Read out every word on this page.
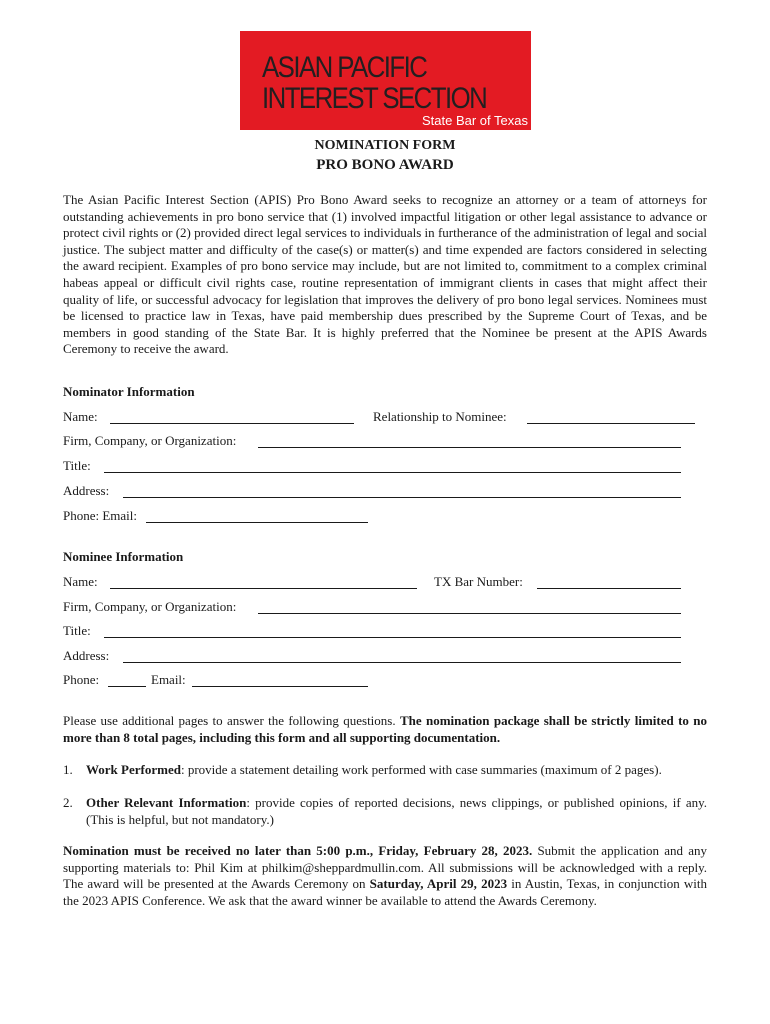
ASIAN PACIFIC
INTEREST SECTION
State Bar of Texas
NOMINATION FORM
PRO BONO AWARD
The Asian Pacific Interest Section (APIS) Pro Bono Award seeks to recognize an attorney or a team of attorneys for outstanding achievements in pro bono service that (1) involved impactful litigation or other legal assistance to advance or protect civil rights or (2) provided direct legal services to individuals in furtherance of the administration of legal and social justice. The subject matter and difficulty of the case(s) or matter(s) and time expended are factors considered in selecting the award recipient. Examples of pro bono service may include, but are not limited to, commitment to a complex criminal habeas appeal or difficult civil rights case, routine representation of immigrant clients in cases that might affect their quality of life, or successful advocacy for legislation that improves the delivery of pro bono legal services. Nominees must be licensed to practice law in Texas, have paid membership dues prescribed by the Supreme Court of Texas, and be members in good standing of the State Bar. It is highly preferred that the Nominee be present at the APIS Awards Ceremony to receive the award.
Nominator Information
Name:	Relationship to Nominee:
Firm, Company, or Organization:
Title:
Address:
Phone: Email:
Nominee Information
Name:	TX Bar Number:
Firm, Company, or Organization:
Title:
Address:
Phone:	Email:
Please use additional pages to answer the following questions. The nomination package shall be strictly limited to no more than 8 total pages, including this form and all supporting documentation.
1. Work Performed: provide a statement detailing work performed with case summaries (maximum of 2 pages).
2. Other Relevant Information: provide copies of reported decisions, news clippings, or published opinions, if any. (This is helpful, but not mandatory.)
Nomination must be received no later than 5:00 p.m., Friday, February 28, 2023. Submit the application and any supporting materials to: Phil Kim at philkim@sheppardmullin.com. All submissions will be acknowledged with a reply. The award will be presented at the Awards Ceremony on Saturday, April 29, 2023 in Austin, Texas, in conjunction with the 2023 APIS Conference. We ask that the award winner be available to attend the Awards Ceremony.
